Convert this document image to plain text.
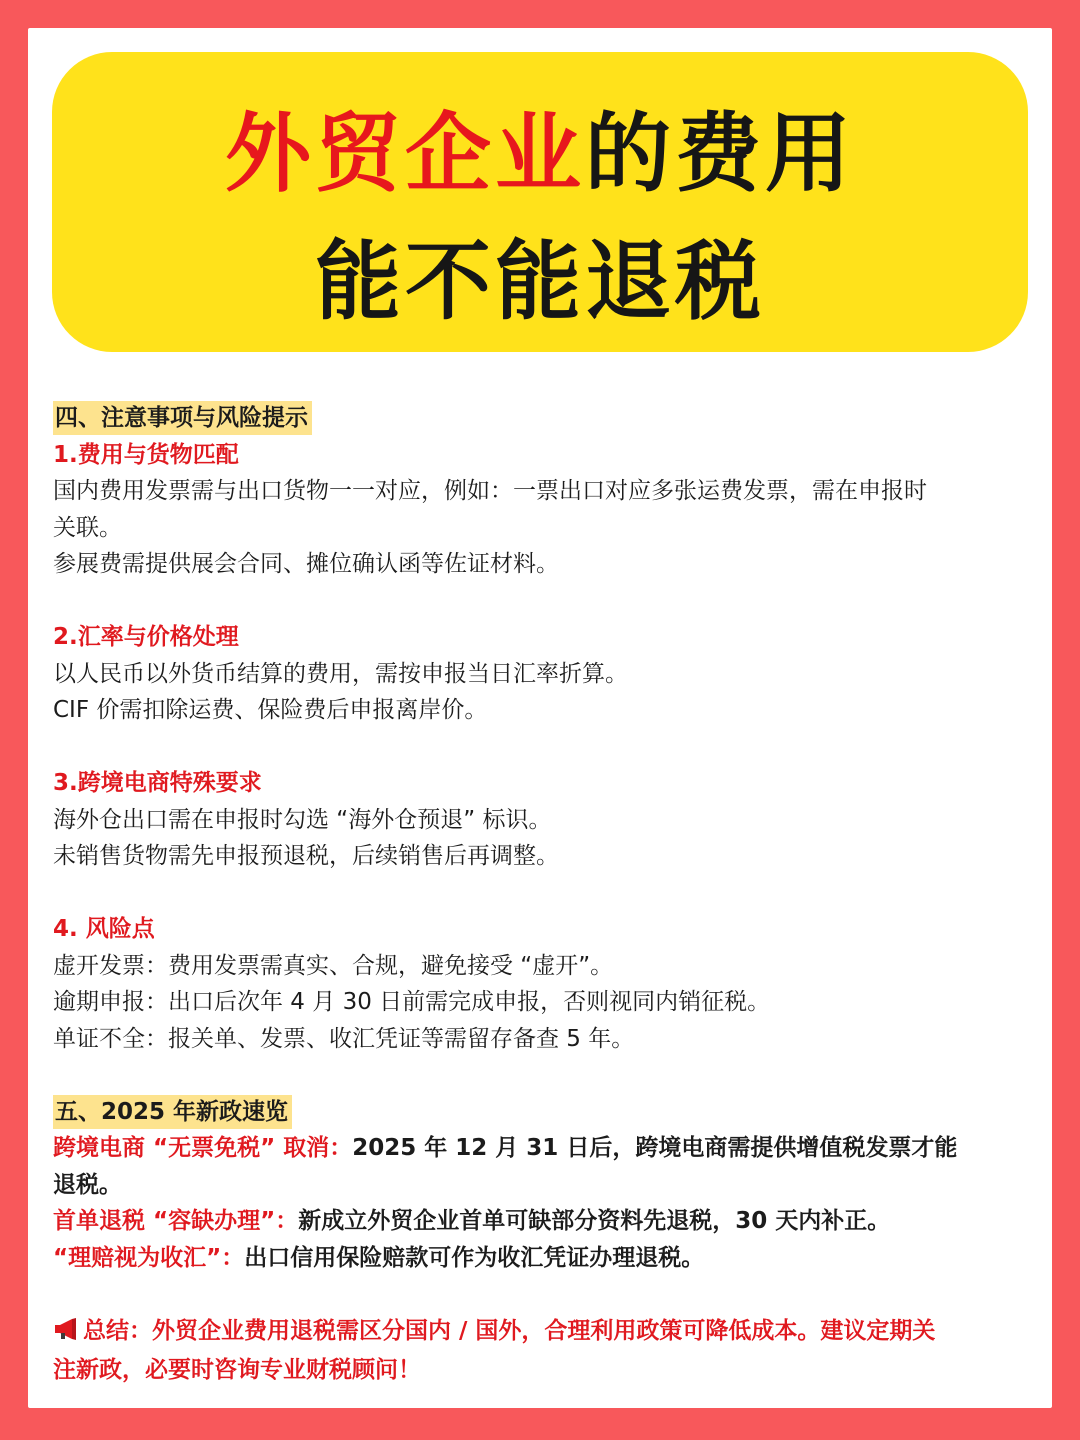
外贸企业的费用
能不能退税

四、注意事项与风险提示

1.费用与货物匹配

国内费用发票需与出口货物一一对应，例如：一票出口对应多张运费发票，需在申报时

关联。

参展费需提供展会合同、摊位确认函等佐证材料。

2.汇率与价格处理

以人民币以外货币结算的费用，需按申报当日汇率折算。

CIF 价需扣除运费、保险费后申报离岸价。

3.跨境电商特殊要求

海外仓出口需在申报时勾选 “海外仓预退” 标识。

未销售货物需先申报预退税，后续销售后再调整。

4. 风险点

虚开发票：费用发票需真实、合规，避免接受 “虚开”。

逾期申报：出口后次年 4 月 30 日前需完成申报，否则视同内销征税。

单证不全：报关单、发票、收汇凭证等需留存备查 5 年。

五、2025 年新政速览

跨境电商 “无票免税” 取消：2025 年 12 月 31 日后，跨境电商需提供增值税发票才能

退税。

首单退税 “容缺办理”：新成立外贸企业首单可缺部分资料先退税，30 天内补正。

“理赔视为收汇”：出口信用保险赔款可作为收汇凭证办理退税。

总结：外贸企业费用退税需区分国内 / 国外，合理利用政策可降低成本。建议定期关

注新政，必要时咨询专业财税顾问！
